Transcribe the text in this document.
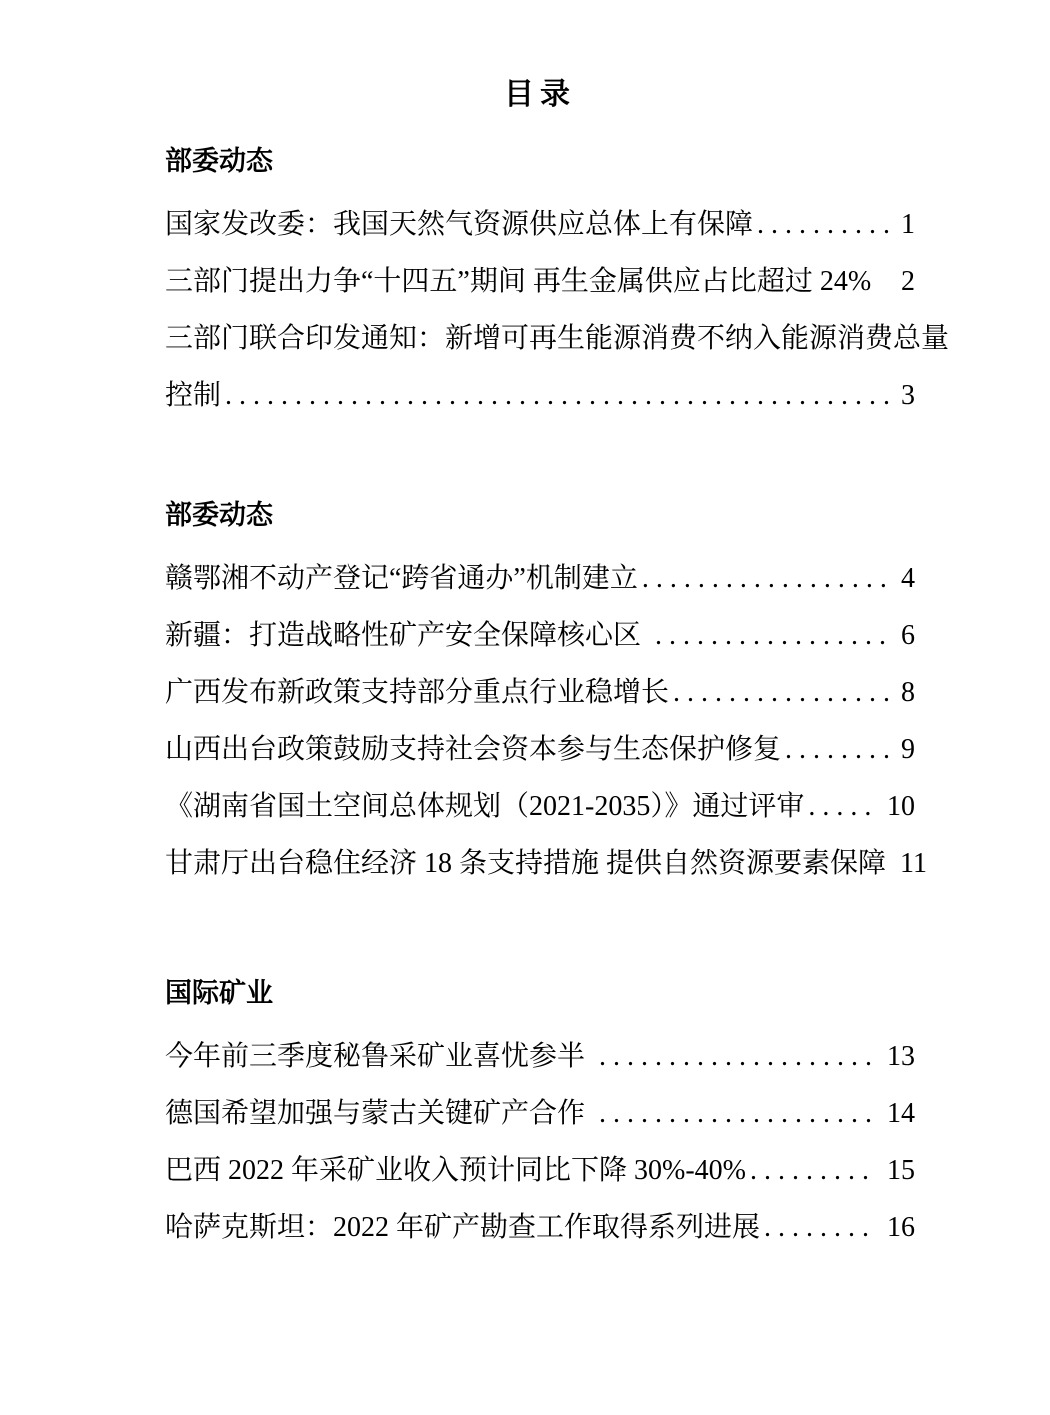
目录
部委动态
国家发改委：我国天然气资源供应总体上有保障 .....	1
三部门提出力争“十四五”期间 再生金属供应占比超过 24% 2
三部门联合印发通知：新增可再生能源消费不纳入能源消费总量
控制 .....	3
部委动态
赣鄂湘不动产登记“跨省通办”机制建立 .....	4
新疆：打造战略性矿产安全保障核心区 .....	6
广西发布新政策支持部分重点行业稳增长 .....	8
山西出台政策鼓励支持社会资本参与生态保护修复 .....	9
《湖南省国土空间总体规划（2021-2035）》通过评审 .....	10
甘肃厅出台稳住经济 18 条支持措施 提供自然资源要素保障 11
国际矿业
今年前三季度秘鲁采矿业喜忧参半 .....	13
德国希望加强与蒙古关键矿产合作 .....	14
巴西 2022 年采矿业收入预计同比下降 30%-40% .....	15
哈萨克斯坦：2022 年矿产勘查工作取得系列进展 .....	16
